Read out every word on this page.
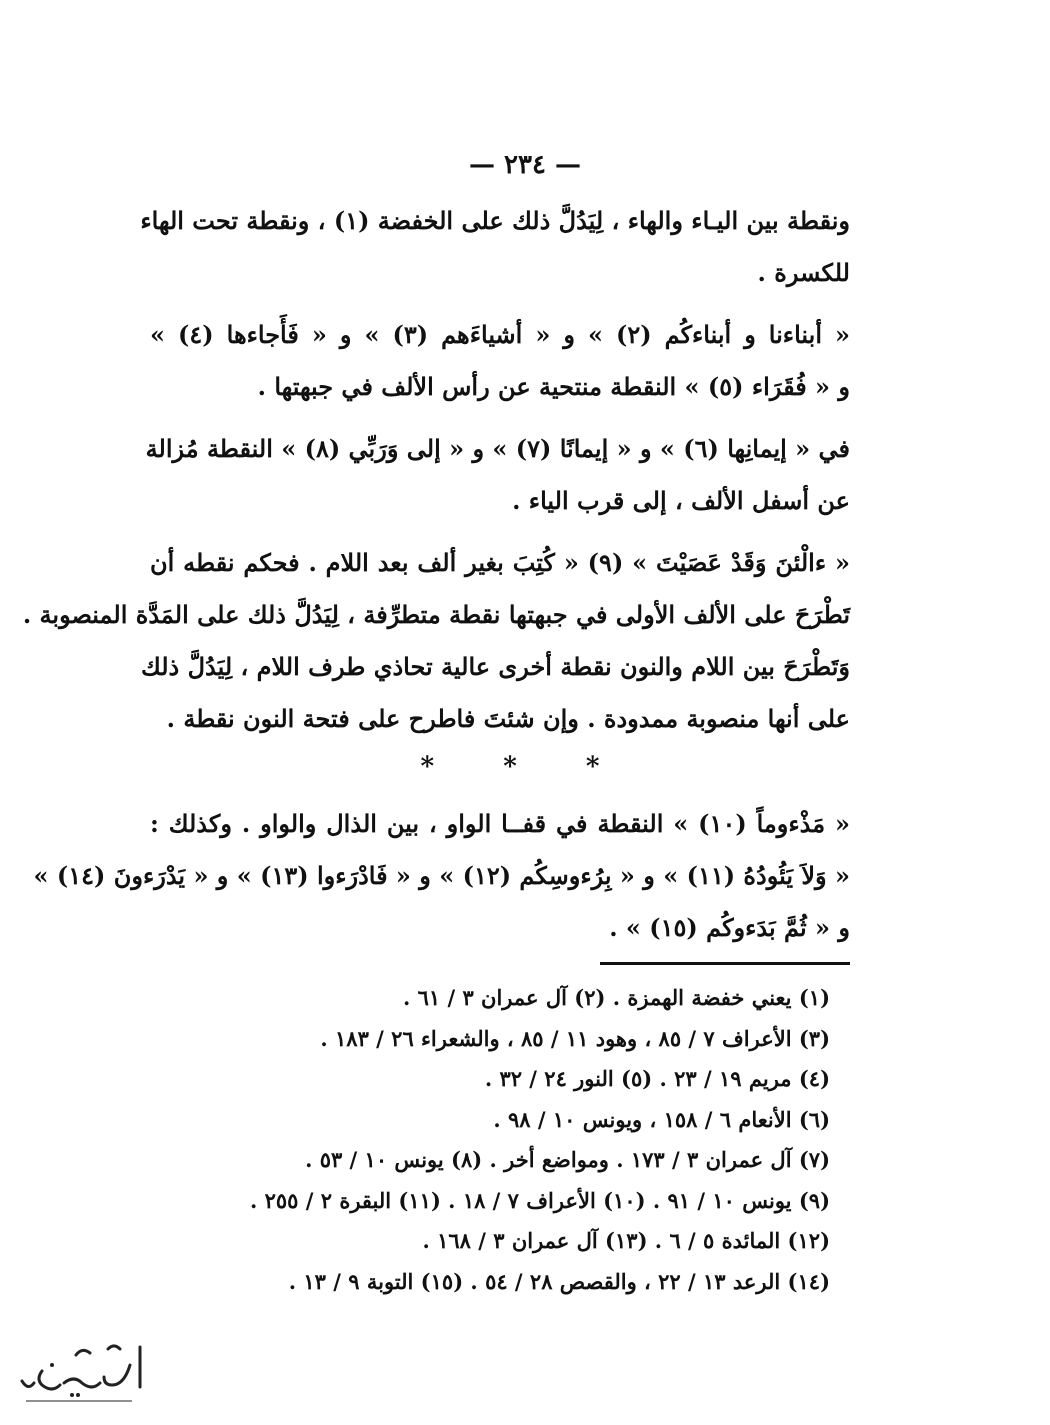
— ٢٣٤ —
ونقطة بين اليـاء والهاء ، لِيَدُلَّ ذلك على الخفضة (١) ، ونقطة تحت الهاء
للكسرة .
« أبناءنا و أبناءكُم (٢) » و « أشياءَهم (٣) » و « فَأَجاءها (٤) »
و « فُقَرَاء (٥) » النقطة منتحية عن رأس الألف في جبهتها .
في « إيمانِها (٦) » و « إيمانًا (٧) » و « إلى وَرَبِّي (٨) » النقطة مُزالة
عن أسفل الألف ، إلى قرب الياء .
« ءالْئنَ وَقَدْ عَصَيْتَ » (٩) « كُتِبَ بغير ألف بعد اللام . فحكم نقطه أن
تَطْرَحَ على الألف الأولى في جبهتها نقطة متطرِّفة ، لِيَدُلَّ ذلك على المَدَّة المنصوبة .
وَتَطْرَحَ بين اللام والنون نقطة أخرى عالية تحاذي طرف اللام ، لِيَدُلَّ ذلك
على أنها منصوبة ممدودة . وإن شئتَ فاطرح على فتحة النون نقطة .
* * *
« مَذْءوماً (١٠) » النقطة في قفــا الواو ، بين الذال والواو . وكذلك :
« وَلاَ يَئُودُهُ (١١) » و « بِرُءوسِكُم (١٢) » و « فَادْرَءوا (١٣) » و « يَدْرَءونَ (١٤) »
و « ثُمَّ بَدَءوكُم (١٥) » .
(١) يعني خفضة الهمزة . (٢) آل عمران ٣ / ٦١ .
(٣) الأعراف ٧ / ٨٥ ، وهود ١١ / ٨٥ ، والشعراء ٢٦ / ١٨٣ .
(٤) مريم ١٩ / ٢٣ . (٥) النور ٢٤ / ٣٢ .
(٦) الأنعام ٦ / ١٥٨ ، ويونس ١٠ / ٩٨ .
(٧) آل عمران ٣ / ١٧٣ . ومواضع أخر . (٨) يونس ١٠ / ٥٣ .
(٩) يونس ١٠ / ٩١ . (١٠) الأعراف ٧ / ١٨ . (١١) البقرة ٢ / ٢٥٥ .
(١٢) المائدة ٥ / ٦ . (١٣) آل عمران ٣ / ١٦٨ .
(١٤) الرعد ١٣ / ٢٢ ، والقصص ٢٨ / ٥٤ . (١٥) التوبة ٩ / ١٣ .
